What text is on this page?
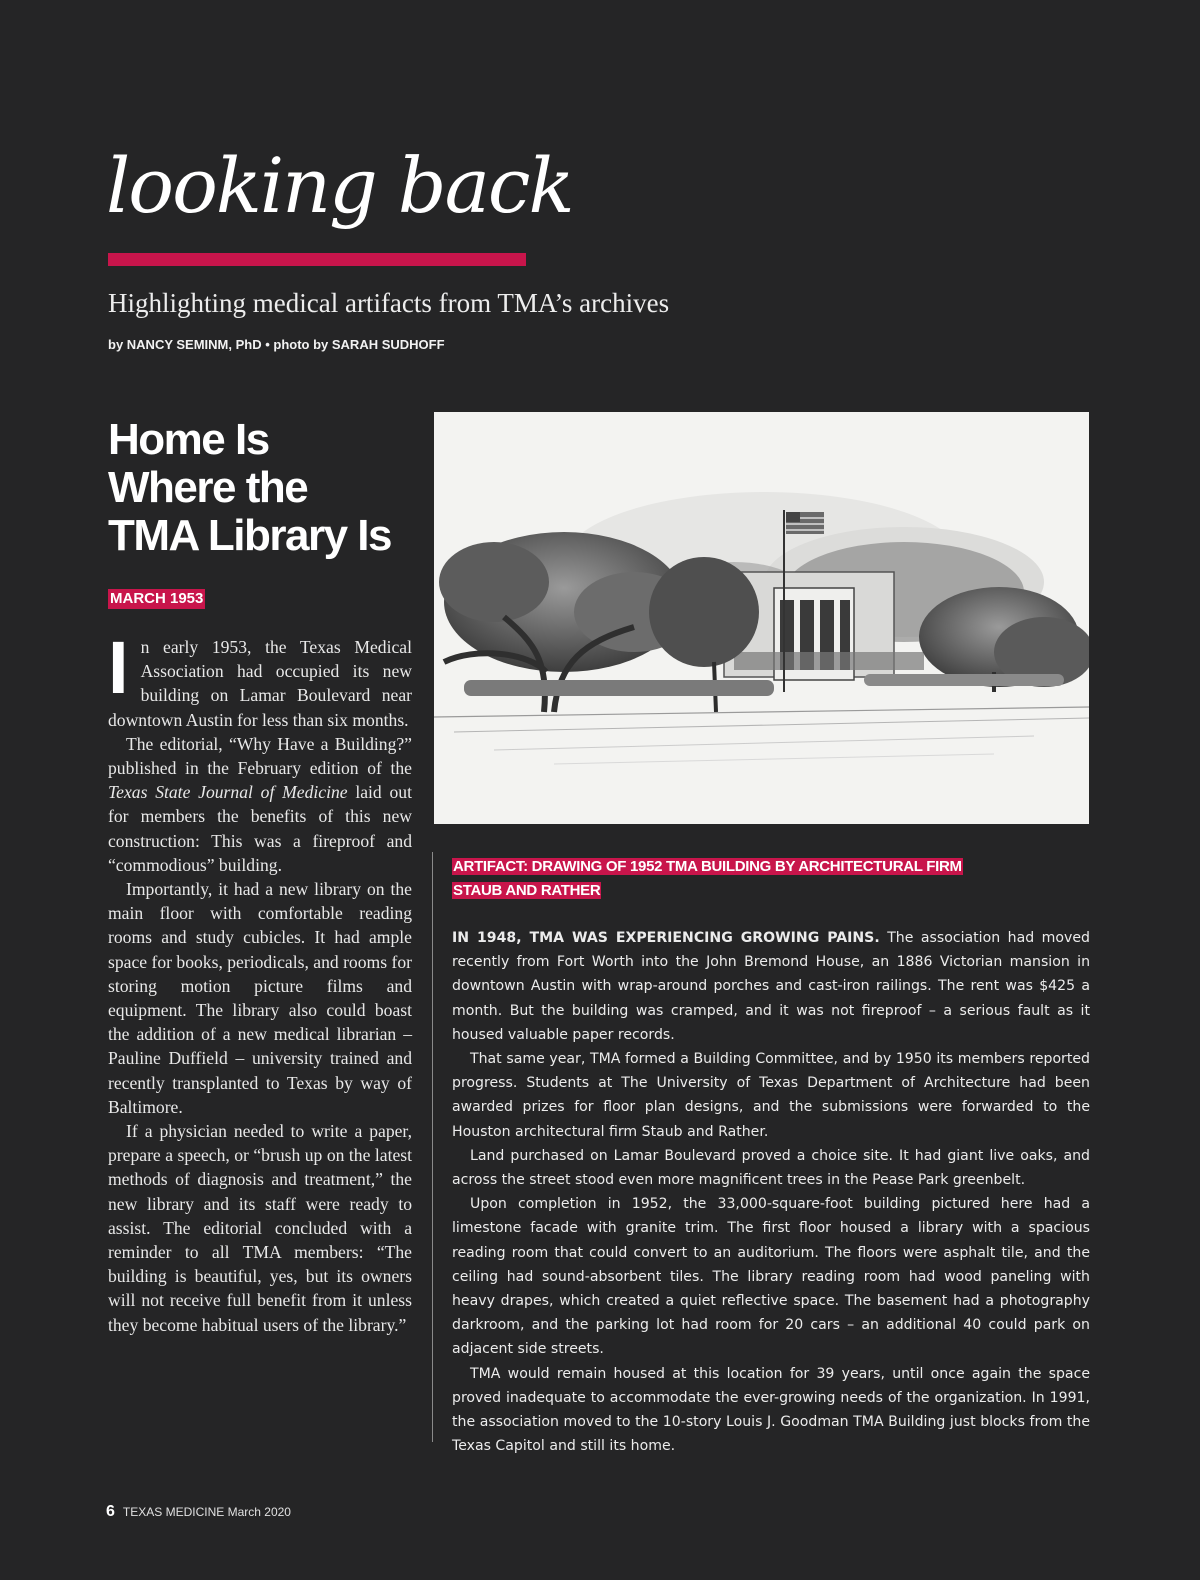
looking back
Highlighting medical artifacts from TMA’s archives
by NANCY SEMINM, PhD • photo by SARAH SUDHOFF
Home Is
Where the
TMA Library Is
MARCH 1953

In early 1953, the Texas Medical Association had occupied its new building on Lamar Boulevard near downtown Austin for less than six months.

The editorial, “Why Have a Building?” published in the February edition of the Texas State Journal of Medicine laid out for members the benefits of this new construction: This was a fireproof and “commodious” building.

Importantly, it had a new library on the main floor with comfortable reading rooms and study cubicles. It had ample space for books, periodicals, and rooms for storing motion picture films and equipment. The library also could boast the addition of a new medical librarian – Pauline Duffield – university trained and recently transplanted to Texas by way of Baltimore.

If a physician needed to write a paper, prepare a speech, or “brush up on the latest methods of diagnosis and treatment,” the new library and its staff were ready to assist. The editorial concluded with a reminder to all TMA members: “The building is beautiful, yes, but its owners will not receive full benefit from it unless they become habitual users of the library.”

ARTIFACT: DRAWING OF 1952 TMA BUILDING BY ARCHITECTURAL FIRM
STAUB AND RATHER

IN 1948, TMA WAS EXPERIENCING GROWING PAINS. The association had moved recently from Fort Worth into the John Bremond House, an 1886 Victorian mansion in downtown Austin with wrap-around porches and cast-iron railings. The rent was $425 a month. But the building was cramped, and it was not fireproof – a serious fault as it housed valuable paper records.

That same year, TMA formed a Building Committee, and by 1950 its members reported progress. Students at The University of Texas Department of Architecture had been awarded prizes for floor plan designs, and the submissions were forwarded to the Houston architectural firm Staub and Rather.

Land purchased on Lamar Boulevard proved a choice site. It had giant live oaks, and across the street stood even more magnificent trees in the Pease Park greenbelt.

Upon completion in 1952, the 33,000-square-foot building pictured here had a limestone facade with granite trim. The first floor housed a library with a spacious reading room that could convert to an auditorium. The floors were asphalt tile, and the ceiling had sound-absorbent tiles. The library reading room had wood paneling with heavy drapes, which created a quiet reflective space. The basement had a photography darkroom, and the parking lot had room for 20 cars – an additional 40 could park on adjacent side streets.

TMA would remain housed at this location for 39 years, until once again the space proved inadequate to accommodate the ever-growing needs of the organization. In 1991, the association moved to the 10-story Louis J. Goodman TMA Building just blocks from the Texas Capitol and still its home.

6 TEXAS MEDICINE March 2020
